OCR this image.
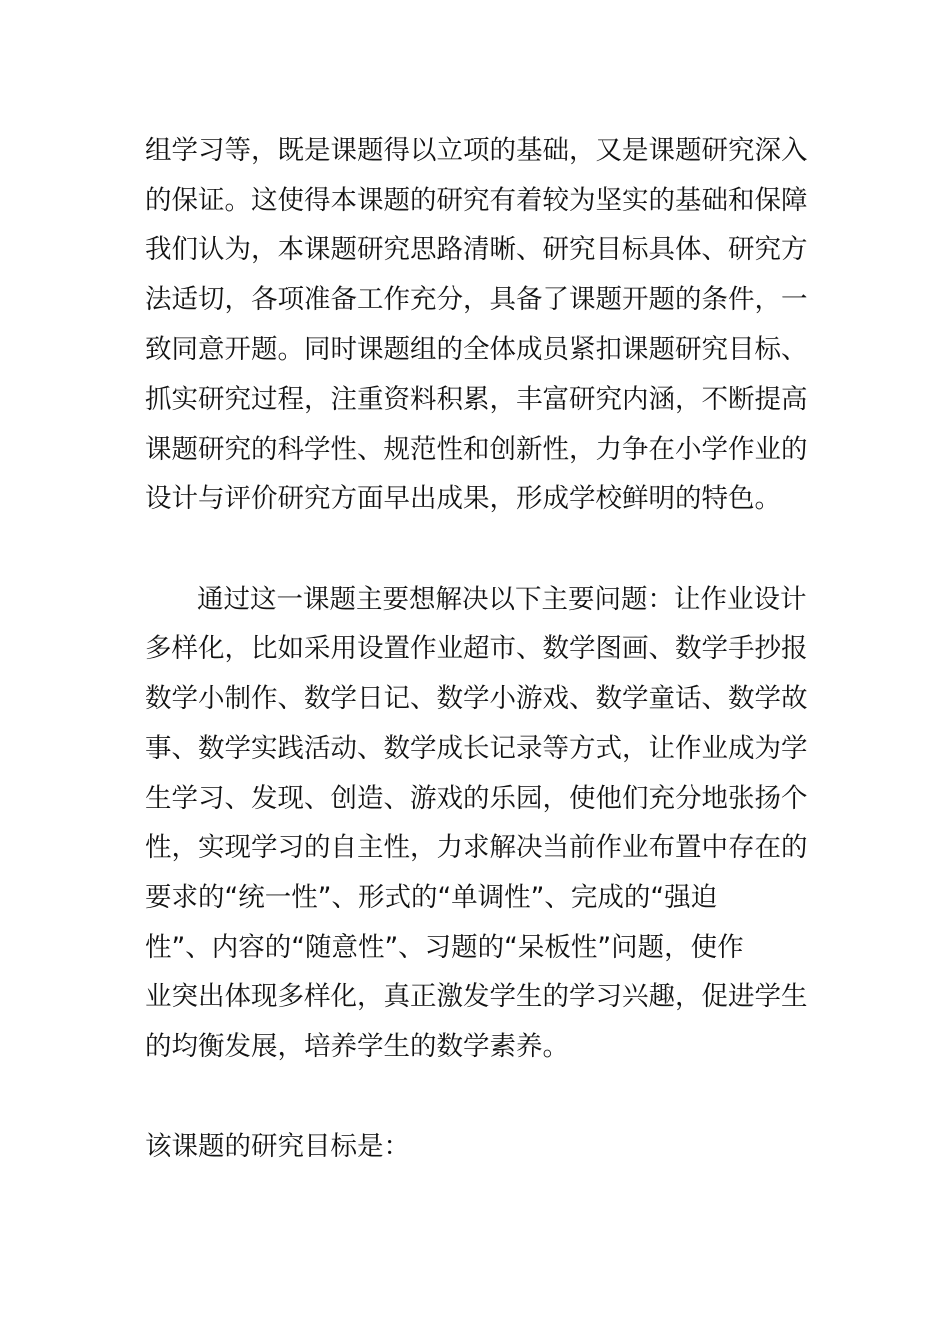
组学习等，既是课题得以立项的基础，又是课题研究深入
的保证。这使得本课题的研究有着较为坚实的基础和保障
我们认为，本课题研究思路清晰、研究目标具体、研究方
法适切，各项准备工作充分，具备了课题开题的条件，一
致同意开题。同时课题组的全体成员紧扣课题研究目标、
抓实研究过程，注重资料积累，丰富研究内涵，不断提高
课题研究的科学性、规范性和创新性，力争在小学作业的
设计与评价研究方面早出成果，形成学校鲜明的特色。
通过这一课题主要想解决以下主要问题：让作业设计
多样化，比如采用设置作业超市、数学图画、数学手抄报
数学小制作、数学日记、数学小游戏、数学童话、数学故
事、数学实践活动、数学成长记录等方式，让作业成为学
生学习、发现、创造、游戏的乐园，使他们充分地张扬个
性，实现学习的自主性，力求解决当前作业布置中存在的
要求的“统一性”、形式的“单调性”、完成的“强迫
性”、内容的“随意性”、习题的“呆板性”问题，使作
业突出体现多样化，真正激发学生的学习兴趣，促进学生
的均衡发展，培养学生的数学素养。
该课题的研究目标是：
